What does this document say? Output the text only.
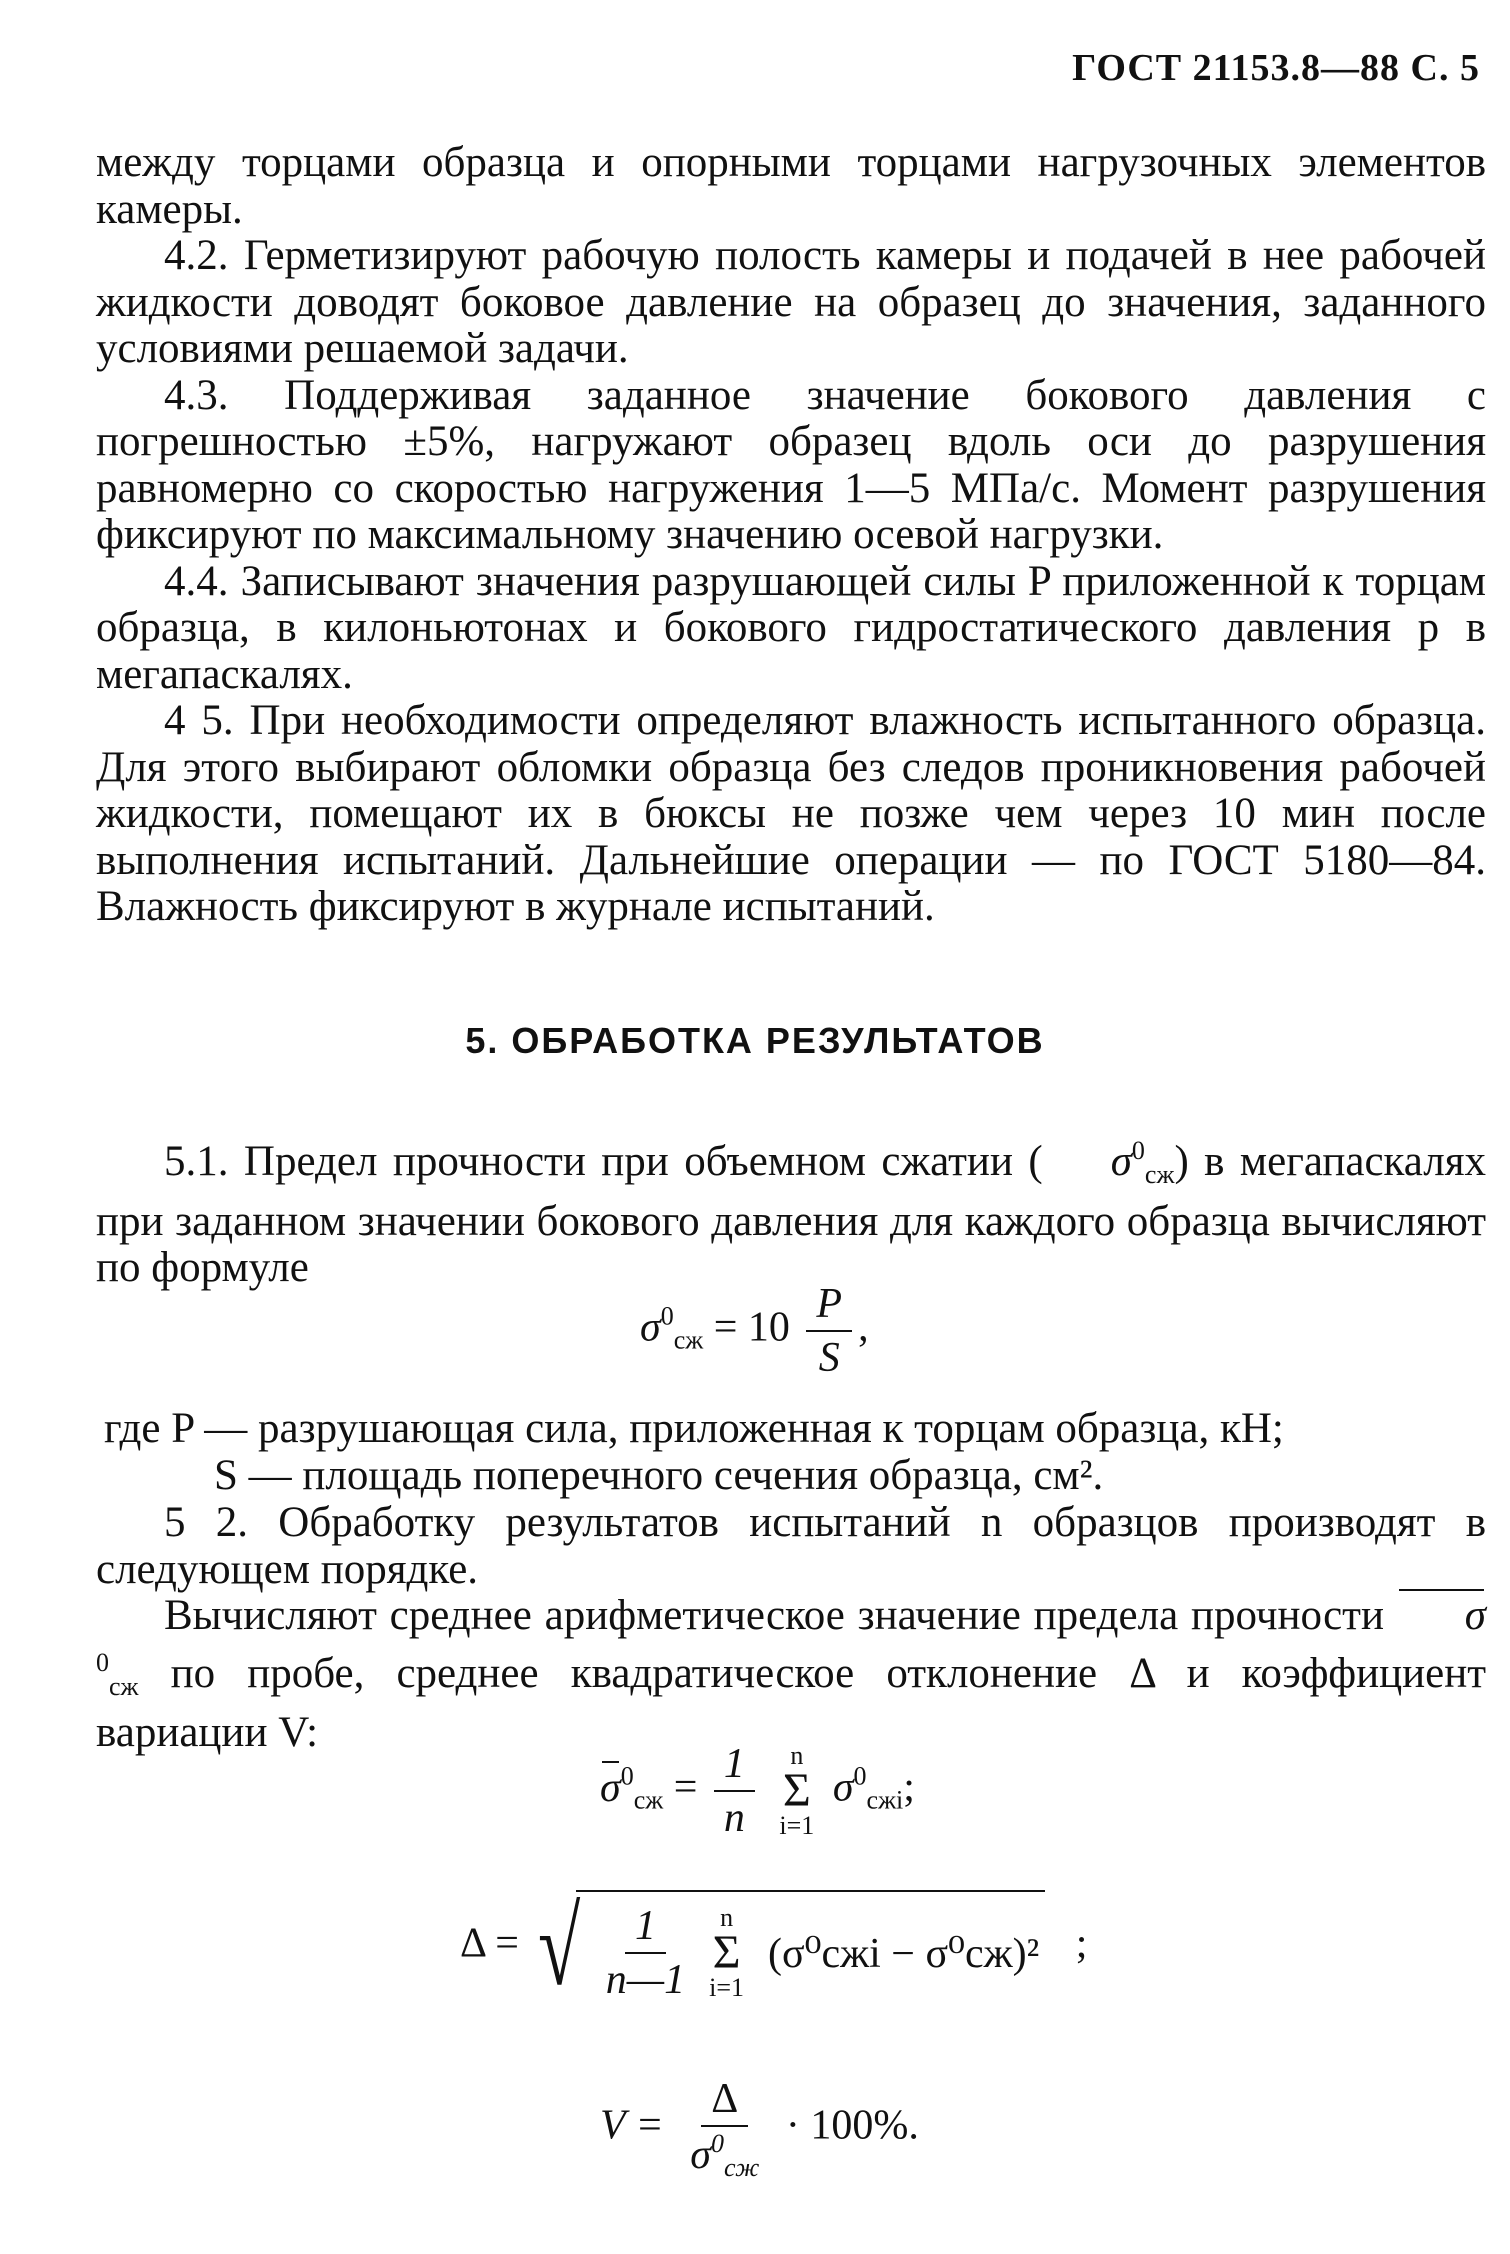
ГОСТ 21153.8—88 С. 5

между торцами образца и опорными торцами нагрузочных элементов камеры.

4.2. Герметизируют рабочую полость камеры и подачей в нее рабочей жидкости доводят боковое давление на образец до значения, заданного условиями решаемой задачи.

4.3. Поддерживая заданное значение бокового давления с погрешностью ±5%, нагружают образец вдоль оси до разрушения равномерно со скоростью нагружения 1—5 МПа/с. Момент разрушения фиксируют по максимальному значению осевой нагрузки.

4.4. Записывают значения разрушающей силы P приложенной к торцам образца, в килоньютонах и бокового гидростатического давления p в мегапаскалях.

4 5. При необходимости определяют влажность испытанного образца. Для этого выбирают обломки образца без следов проникновения рабочей жидкости, помещают их в бюксы не позже чем через 10 мин после выполнения испытаний. Дальнейшие операции — по ГОСТ 5180—84. Влажность фиксируют в журнале испытаний.

5. ОБРАБОТКА РЕЗУЛЬТАТОВ

5.1. Предел прочности при объемном сжатии ( $\sigma^0сж$) в мегапаскалях при заданном значении бокового давления для каждого образца вычисляют по формуле

$\sigma^0сж = 10 \frac{P}{S}$ ,
где P — разрушающая сила, приложенная к торцам образца, кН;
S — площадь поперечного сечения образца, см².

5 2. Обработку результатов испытаний n образцов производят в следующем порядке.

Вычисляют среднее арифметическое значение предела прочности $\sigma^0сж$ по пробе, среднее квадратическое отклонение Δ и коэффициент вариации V:

$\sigma^0сж = \frac{1}{n}$
n
Σ
i=1
$\sigma^0сжi$;
Δ = √ $\frac{1}{n—1}$ n
Σ
i=1
(σ⁰сжi − σ⁰сж)² ;
$V = \frac{\Delta}{\sigma^0сж} \cdot 100\%$.
